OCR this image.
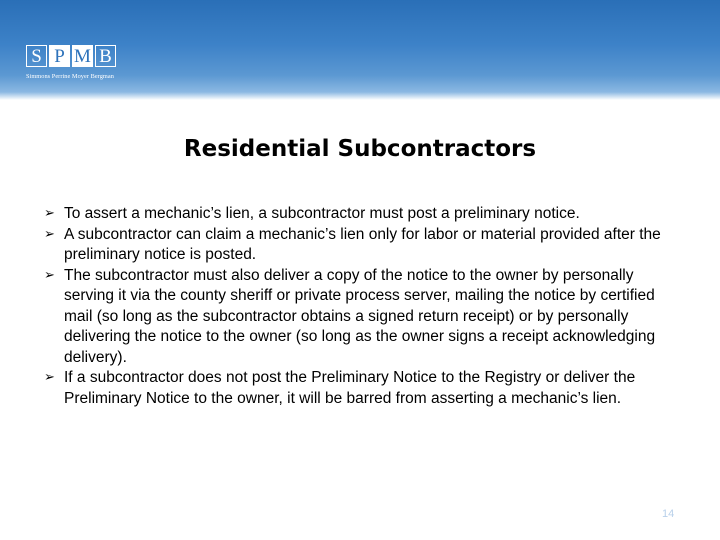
S P M B
Simmons Perrine Moyer Bergman
Residential Subcontractors
➢ To assert a mechanic’s lien, a subcontractor must post a preliminary notice.
➢ A subcontractor can claim a mechanic’s lien only for labor or material provided after the preliminary notice is posted.
➢ The subcontractor must also deliver a copy of the notice to the owner by personally serving it via the county sheriff or private process server, mailing the notice by certified mail (so long as the subcontractor obtains a signed return receipt) or by personally delivering the notice to the owner (so long as the owner signs a receipt acknowledging delivery).
➢ If a subcontractor does not post the Preliminary Notice to the Registry or deliver the Preliminary Notice to the owner, it will be barred from asserting a mechanic’s lien.
14
